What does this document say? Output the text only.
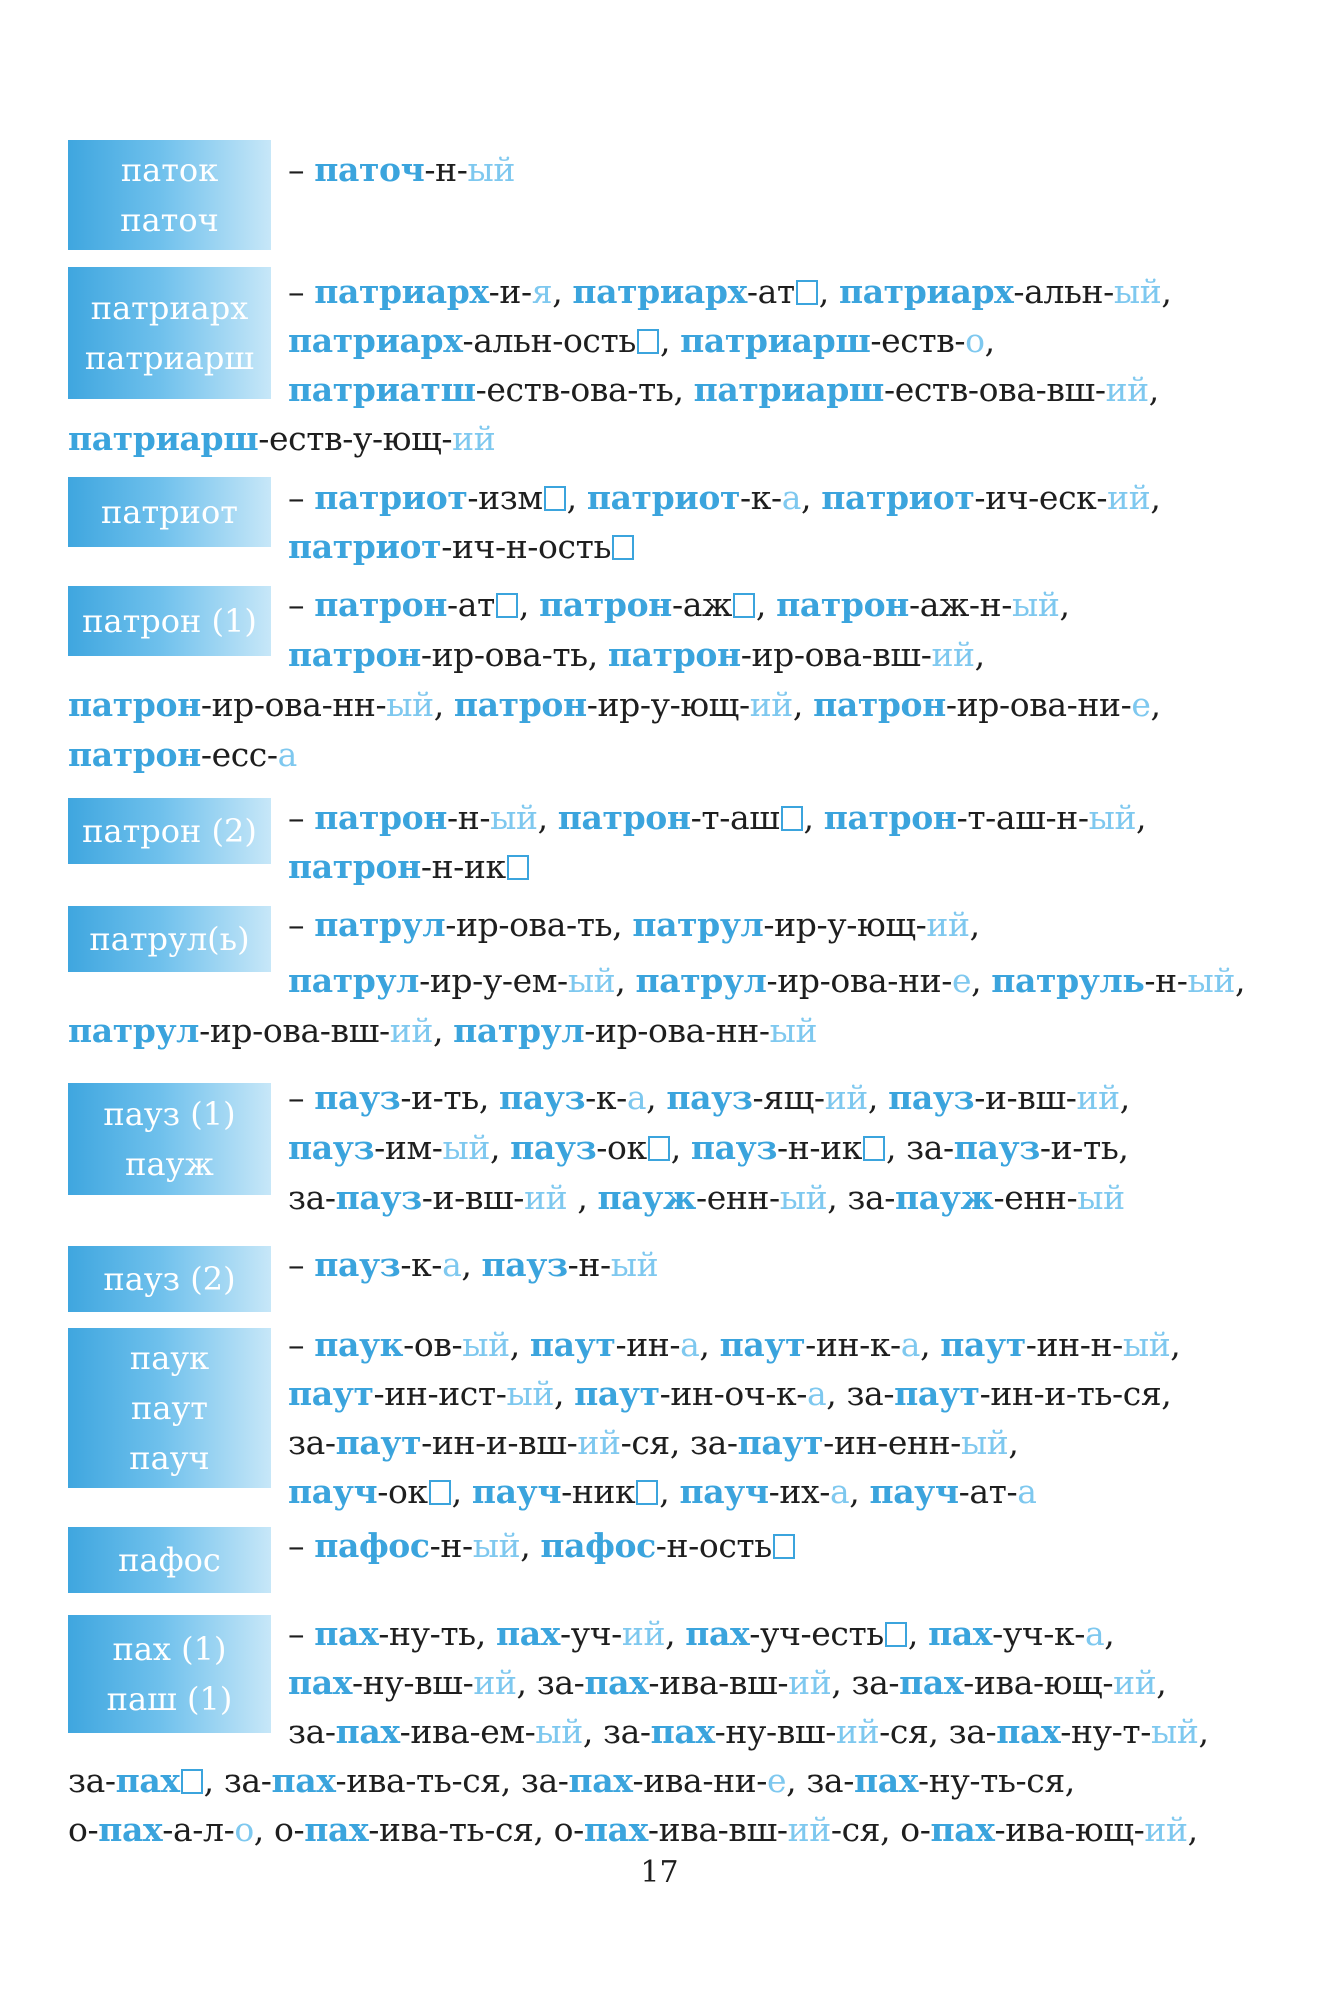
паток
паточ
– паточ-н-ый
патриарх
патриарш
– патриарх-и-я, патриарх-ат , патриарх-альн-ый,
патриарх-альн-ость , патриарш-еств-о,
патриатш-еств-ова-ть, патриарш-еств-ова-вш-ий,
патриарш-еств-у-ющ-ий
патриот	– патриот-изм , патриот-к-а, патриот-ич-еск-ий,
патриот-ич-н-ость
патрон (1) – патрон-ат , патрон-аж , патрон-аж-н-ый,
патрон-ир-ова-ть, патрон-ир-ова-вш-ий,
патрон-ир-ова-нн-ый, патрон-ир-у-ющ-ий, патрон-ир-ова-ни-е,
патрон-есс-а
патрон (2) – патрон-н-ый, патрон-т-аш , патрон-т-аш-н-ый,
патрон-н-ик
патрул(ь)	– патрул-ир-ова-ть, патрул-ир-у-ющ-ий,
патрул-ир-у-ем-ый, патрул-ир-ова-ни-е, патруль-н-ый,
патрул-ир-ова-вш-ий, патрул-ир-ова-нн-ый
пауз (1)
пауж
– пауз-и-ть, пауз-к-а, пауз-ящ-ий, пауз-и-вш-ий,
пауз-им-ый, пауз-ок , пауз-н-ик , за-пауз-и-ть,
за-пауз-и-вш-ий , пауж-енн-ый, за-пауж-енн-ый
пауз (2)	– пауз-к-а, пауз-н-ый
паук
паут
пауч
– паук-ов-ый, паут-ин-а, паут-ин-к-а, паут-ин-н-ый,
паут-ин-ист-ый, паут-ин-оч-к-а, за-паут-ин-и-ть-ся,
за-паут-ин-и-вш-ий-ся, за-паут-ин-енн-ый,
пауч-ок , пауч-ник , пауч-их-а, пауч-ат-а
пафос	– пафос-н-ый, пафос-н-ость
пах (1)
паш (1)
– пах-ну-ть, пах-уч-ий, пах-уч-есть , пах-уч-к-а,
пах-ну-вш-ий, за-пах-ива-вш-ий, за-пах-ива-ющ-ий,
за-пах-ива-ем-ый, за-пах-ну-вш-ий-ся, за-пах-ну-т-ый,
за-пах , за-пах-ива-ть-ся, за-пах-ива-ни-е, за-пах-ну-ть-ся,
о-пах-а-л-о, о-пах-ива-ть-ся, о-пах-ива-вш-ий-ся, о-пах-ива-ющ-ий,
17
